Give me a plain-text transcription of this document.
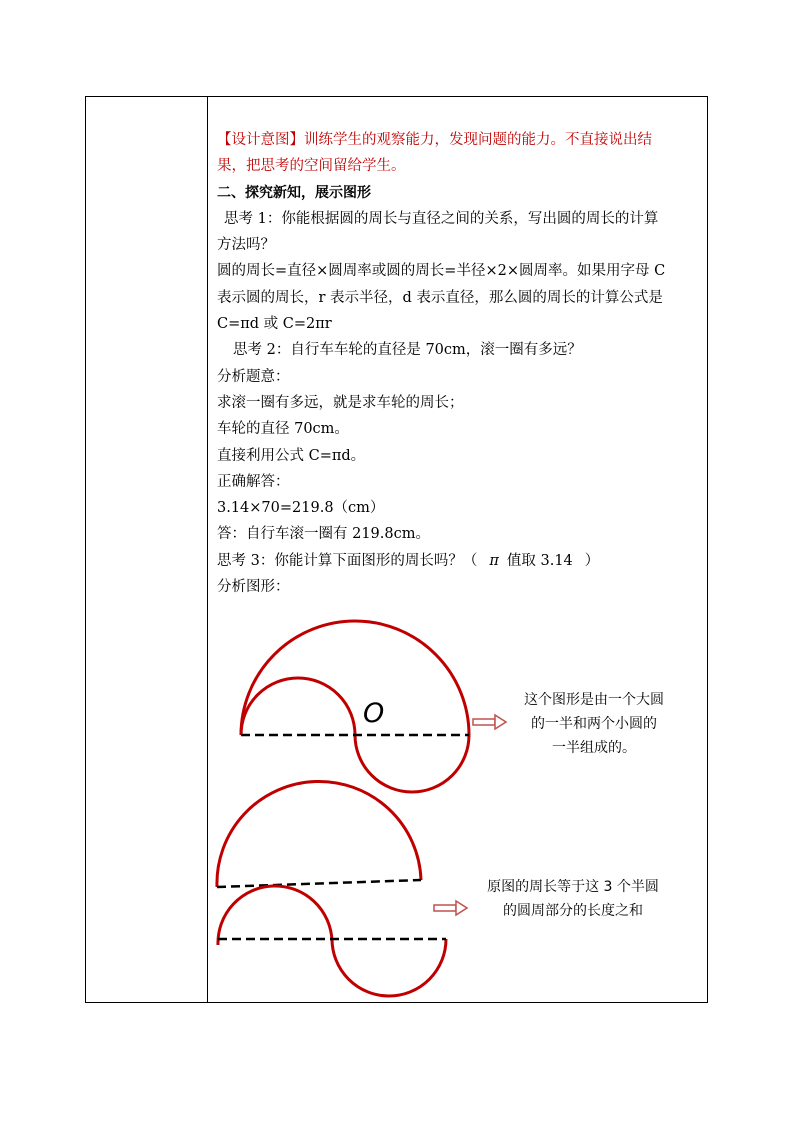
【设计意图】训练学生的观察能力，发现问题的能力。不直接说出结
果，把思考的空间留给学生。
二、探究新知，展示图形
思考 1：你能根据圆的周长与直径之间的关系，写出圆的周长的计算
方法吗？
圆的周长=直径×圆周率或圆的周长=半径×2×圆周率。如果用字母 C
表示圆的周长，r 表示半径，d 表示直径，那么圆的周长的计算公式是
C=πd 或 C=2πr
思考 2：自行车车轮的直径是 70cm，滚一圈有多远？
分析题意：
求滚一圈有多远，就是求车轮的周长；
车轮的直径 70cm。
直接利用公式 C=πd。
正确解答：
3.14×70=219.8（cm）
答：自行车滚一圈有 219.8cm。
思考 3：你能计算下面图形的周长吗？（ π 值取 3.14 ）
分析图形：
O	这个图形是由一个大圆
的一半和两个小圆的
一半组成的。
原图的周长等于这 3 个半圆
的圆周部分的长度之和
